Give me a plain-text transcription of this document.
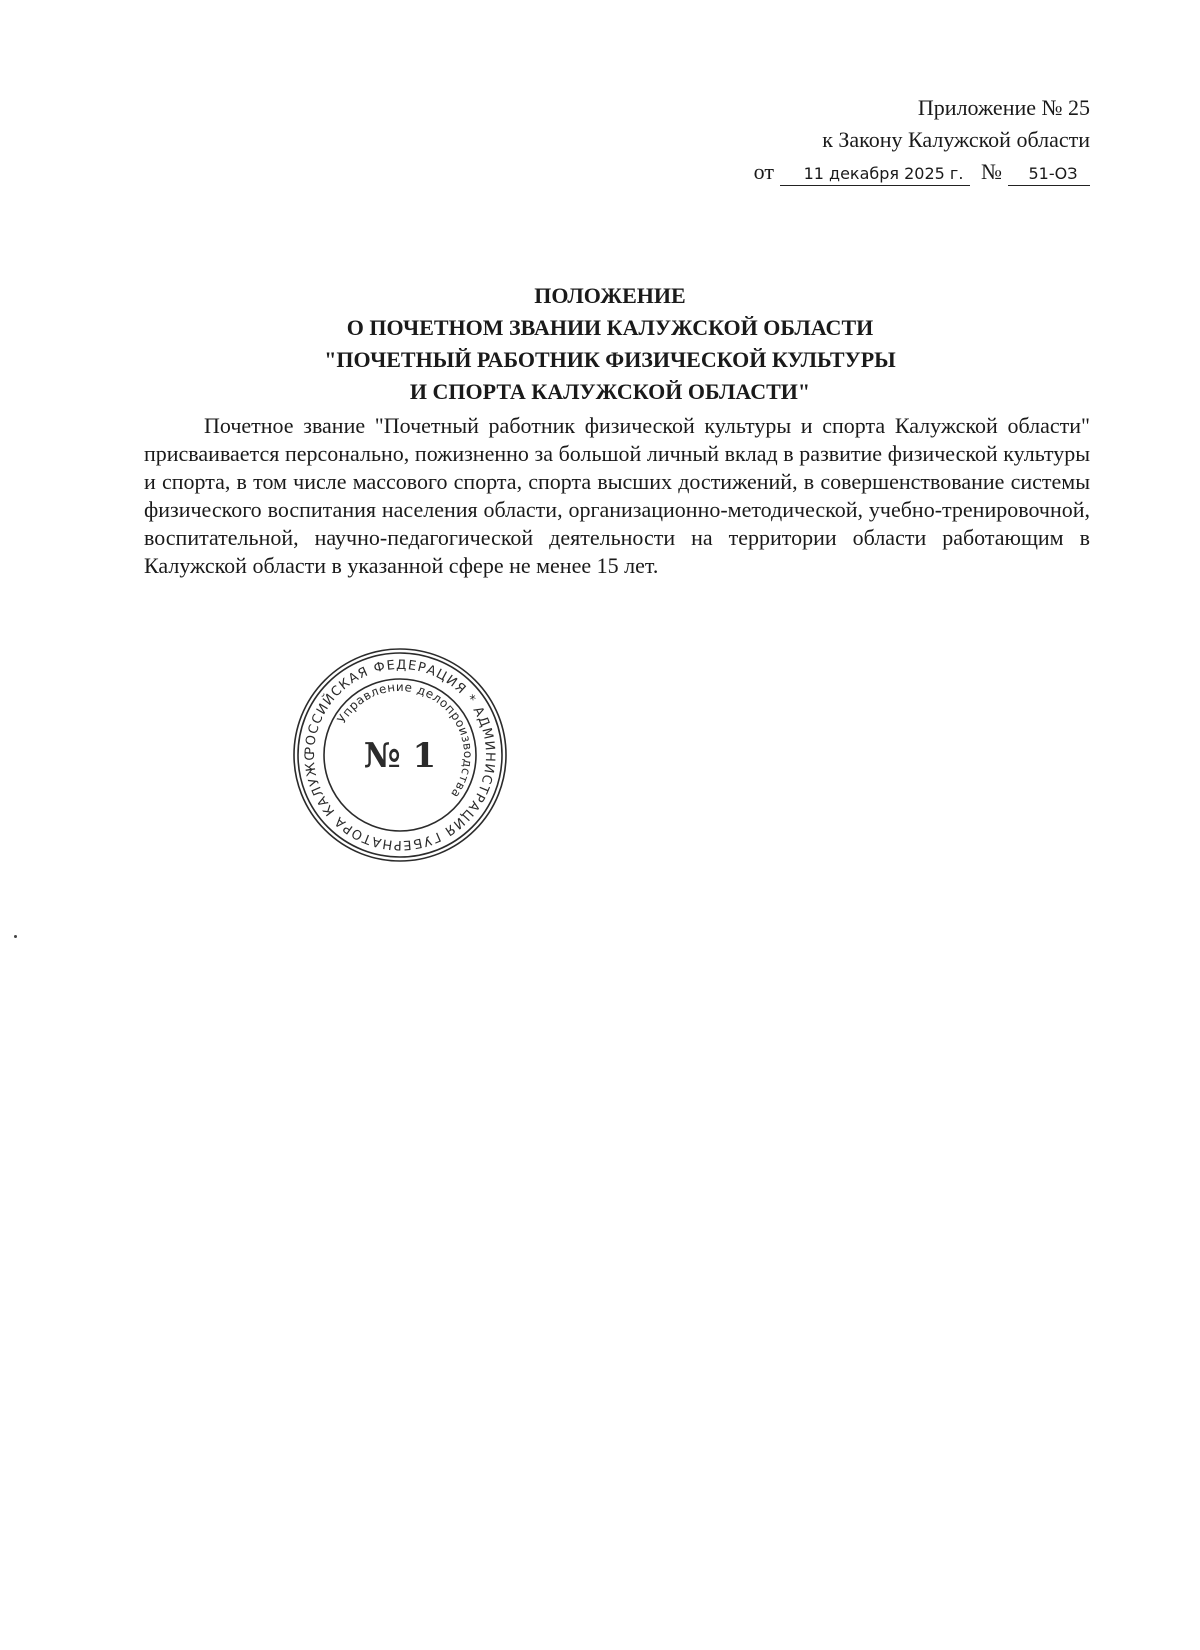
Приложение № 25
к Закону Калужской области
от 11 декабря 2025 г. № 51-ОЗ
ПОЛОЖЕНИЕ
О ПОЧЕТНОМ ЗВАНИИ КАЛУЖСКОЙ ОБЛАСТИ
"ПОЧЕТНЫЙ РАБОТНИК ФИЗИЧЕСКОЙ КУЛЬТУРЫ
И СПОРТА КАЛУЖСКОЙ ОБЛАСТИ"
Почетное звание "Почетный работник физической культуры и спорта Калужской области" присваивается персонально, пожизненно за большой личный вклад в развитие физической культуры и спорта, в том числе массового спорта, спорта высших достижений, в совершенствование системы физического воспитания населения области, организационно-методической, учебно-тренировочной, воспитательной, научно-педагогической деятельности на территории области работающим в Калужской области в указанной сфере не менее 15 лет.
РОССИЙСКАЯ ФЕДЕРАЦИЯ * АДМИНИСТРАЦИЯ ГУБЕРНАТОРА КАЛУЖС
Управление делопроизводства
№ 1
